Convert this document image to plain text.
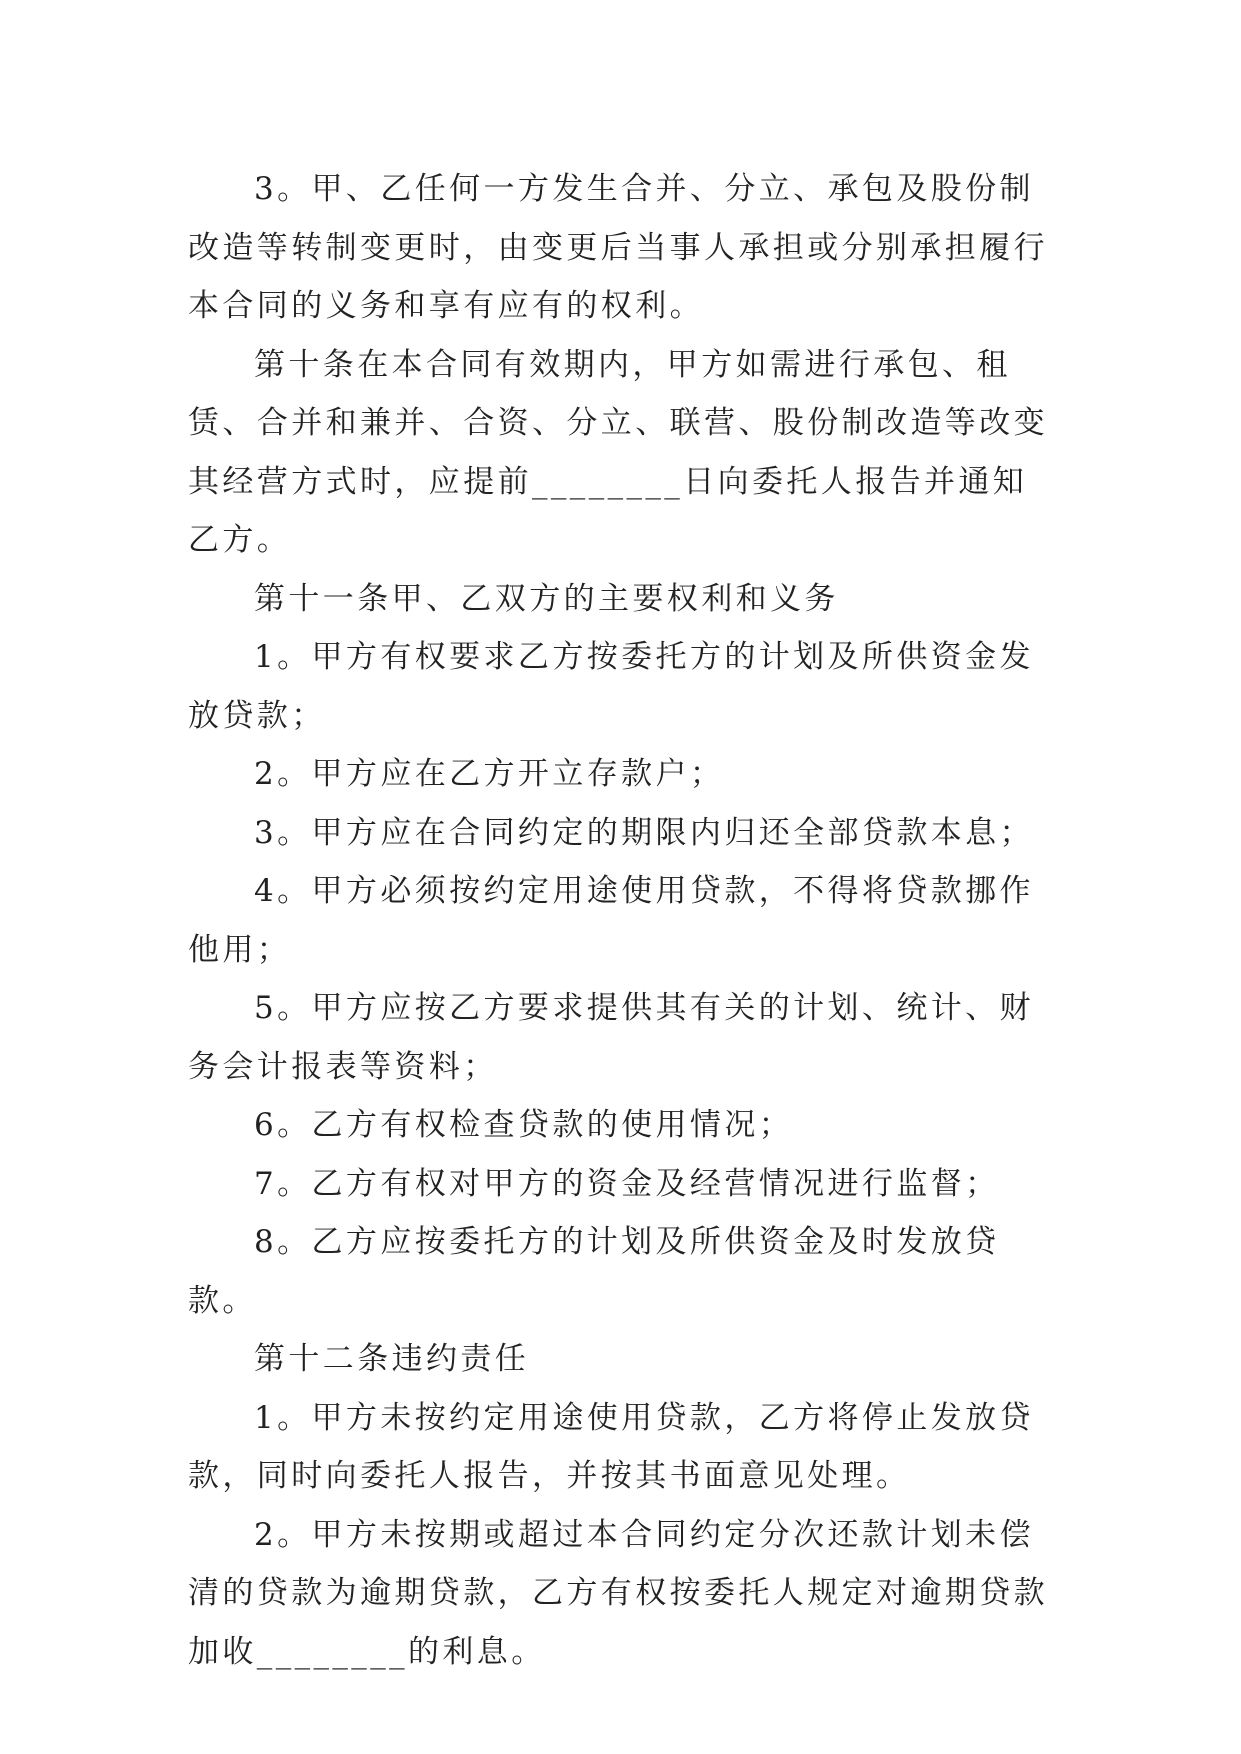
3。甲、乙任何一方发生合并、分立、承包及股份制改造等转制变更时，由变更后当事人承担或分别承担履行本合同的义务和享有应有的权利。

第十条在本合同有效期内，甲方如需进行承包、租赁、合并和兼并、合资、分立、联营、股份制改造等改变其经营方式时，应提前________日向委托人报告并通知乙方。

第十一条甲、乙双方的主要权利和义务

1。甲方有权要求乙方按委托方的计划及所供资金发放贷款；

2。甲方应在乙方开立存款户；

3。甲方应在合同约定的期限内归还全部贷款本息；

4。甲方必须按约定用途使用贷款，不得将贷款挪作他用；

5。甲方应按乙方要求提供其有关的计划、统计、财务会计报表等资料；

6。乙方有权检查贷款的使用情况；

7。乙方有权对甲方的资金及经营情况进行监督；

8。乙方应按委托方的计划及所供资金及时发放贷款。

第十二条违约责任

1。甲方未按约定用途使用贷款，乙方将停止发放贷款，同时向委托人报告，并按其书面意见处理。

2。甲方未按期或超过本合同约定分次还款计划未偿清的贷款为逾期贷款，乙方有权按委托人规定对逾期贷款加收________的利息。
